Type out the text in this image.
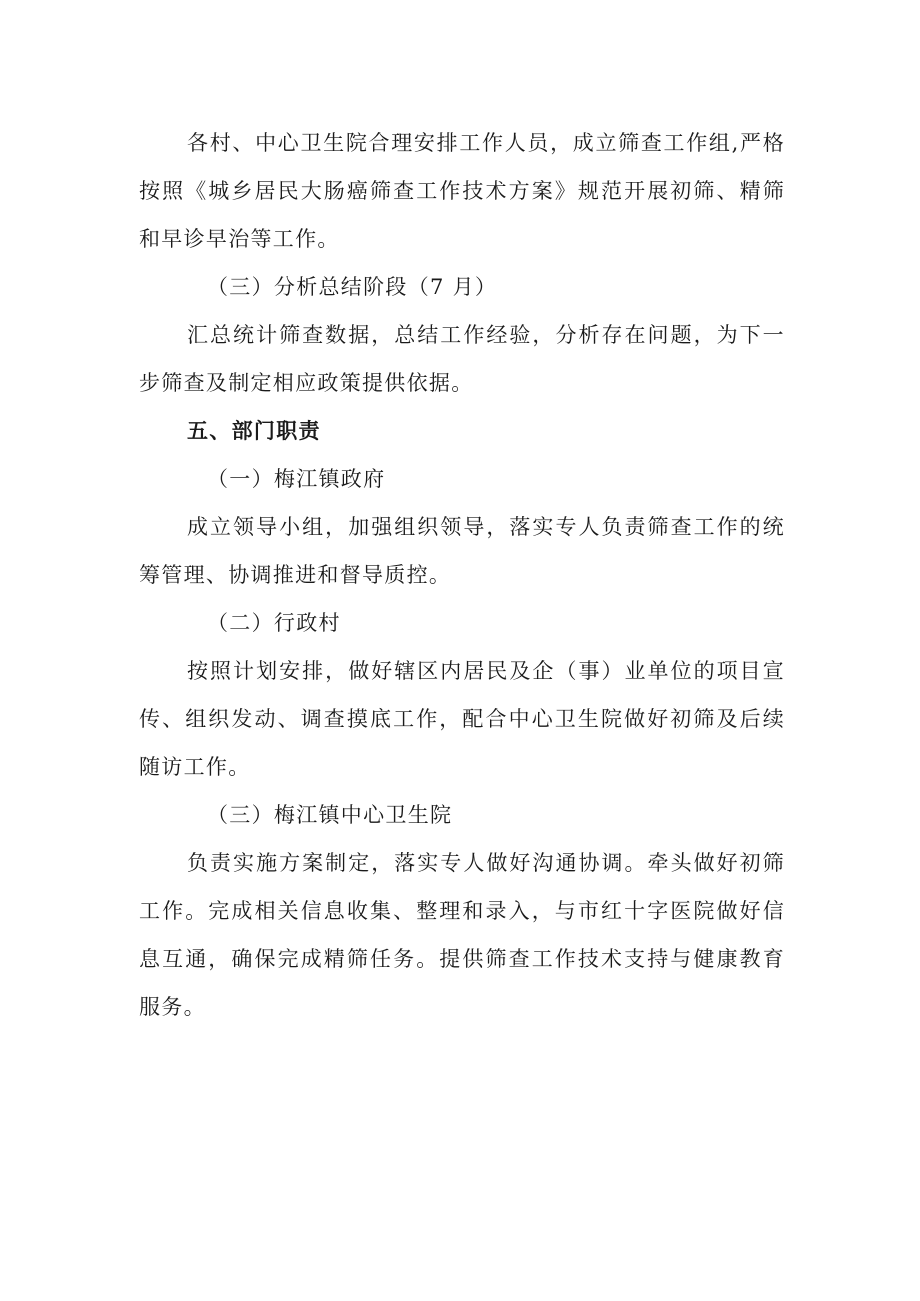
各村、中心卫生院合理安排工作人员，成立筛查工作组,严格按照《城乡居民大肠癌筛查工作技术方案》规范开展初筛、精筛和早诊早治等工作。

（三）分析总结阶段（7 月）

汇总统计筛查数据，总结工作经验，分析存在问题，为下一步筛查及制定相应政策提供依据。

五、部门职责

（一）梅江镇政府

成立领导小组，加强组织领导，落实专人负责筛查工作的统筹管理、协调推进和督导质控。

（二）行政村

按照计划安排，做好辖区内居民及企（事）业单位的项目宣传、组织发动、调查摸底工作，配合中心卫生院做好初筛及后续随访工作。

（三）梅江镇中心卫生院

负责实施方案制定，落实专人做好沟通协调。牵头做好初筛工作。完成相关信息收集、整理和录入，与市红十字医院做好信息互通，确保完成精筛任务。提供筛查工作技术支持与健康教育服务。
